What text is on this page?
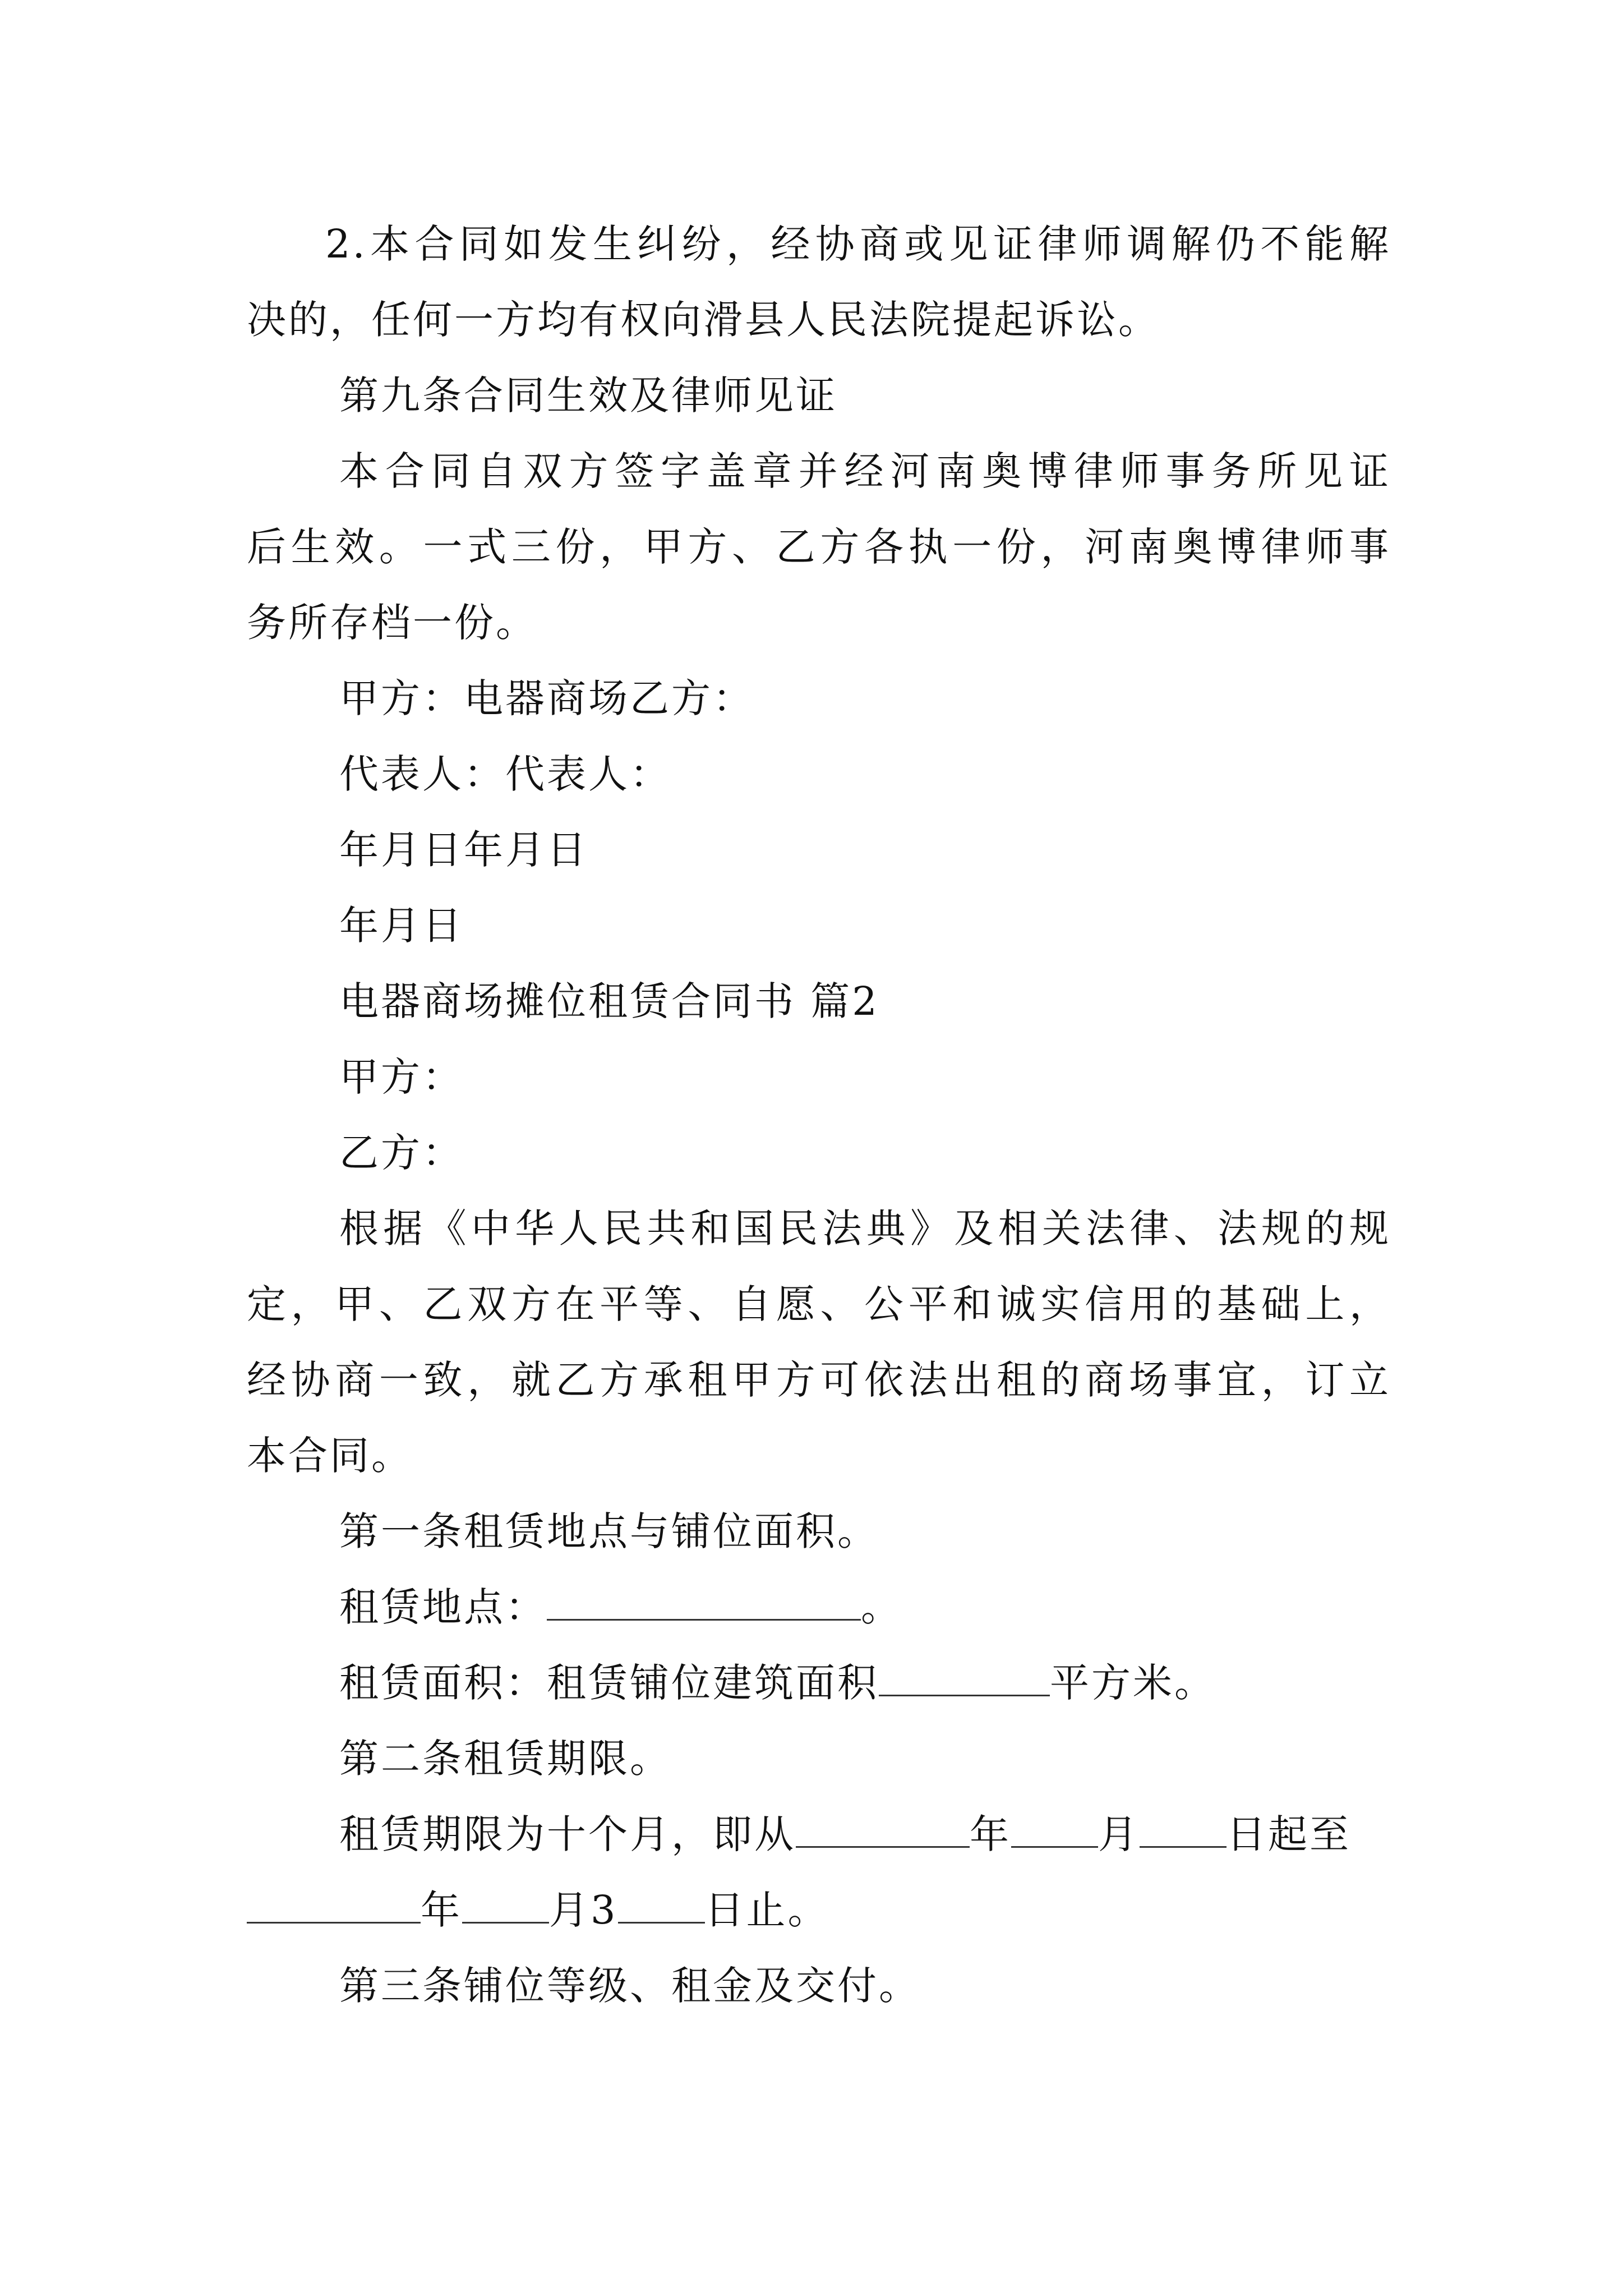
2.本合同如发生纠纷，经协商或见证律师调解仍不能解
决的，任何一方均有权向滑县人民法院提起诉讼。
第九条合同生效及律师见证
本合同自双方签字盖章并经河南奥博律师事务所见证
后生效。一式三份，甲方、乙方各执一份，河南奥博律师事
务所存档一份。
甲方：电器商场乙方：
代表人：代表人：
年月日年月日
年月日
电器商场摊位租赁合同书 篇2
甲方：
乙方：
根据《中华人民共和国民法典》及相关法律、法规的规
定，甲、乙双方在平等、自愿、公平和诚实信用的基础上，
经协商一致，就乙方承租甲方可依法出租的商场事宜，订立
本合同。
第一条租赁地点与铺位面积。
租赁地点：	。
租赁面积：租赁铺位建筑面积	平方米。
第二条租赁期限。
租赁期限为十个月，即从	年 月 日起至
年 月3 日止。
第三条铺位等级、租金及交付。
